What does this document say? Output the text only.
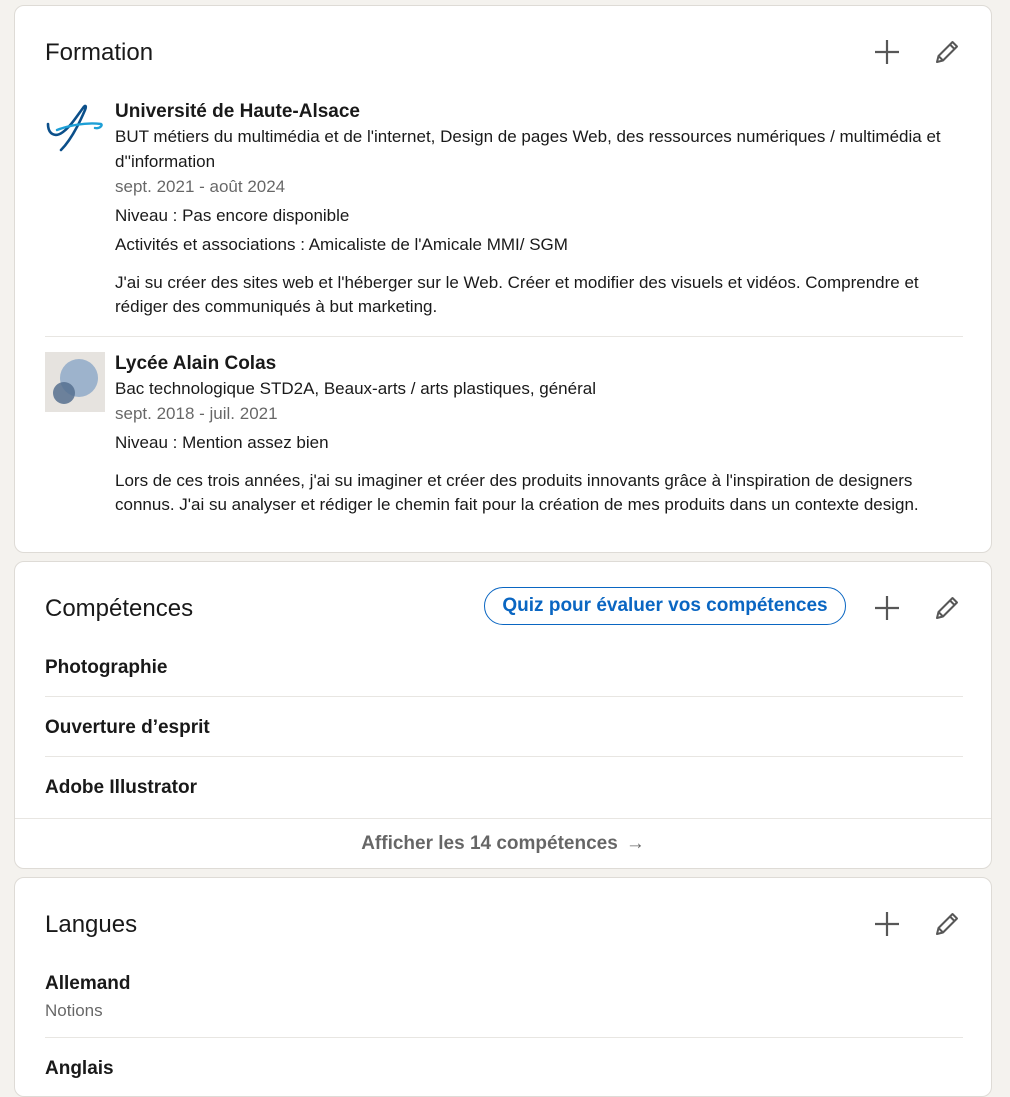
Formation
Université de Haute-Alsace
BUT métiers du multimédia et de l'internet, Design de pages Web, des ressources numériques / multimédia et d''information
sept. 2021 - août 2024
Niveau : Pas encore disponible
Activités et associations : Amicaliste de l'Amicale MMI/ SGM
J'ai su créer des sites web et l'héberger sur le Web. Créer et modifier des visuels et vidéos. Comprendre et rédiger des communiqués à but marketing.
Lycée Alain Colas
Bac technologique STD2A, Beaux-arts / arts plastiques, général
sept. 2018 - juil. 2021
Niveau : Mention assez bien
Lors de ces trois années, j'ai su imaginer et créer des produits innovants grâce à l'inspiration de designers connus. J'ai su analyser et rédiger le chemin fait pour la création de mes produits dans un contexte design.
Compétences	Quiz pour évaluer vos compétences
Photographie
Ouverture d’esprit
Adobe Illustrator
Afficher les 14 compétences →
Langues
Allemand
Notions
Anglais
